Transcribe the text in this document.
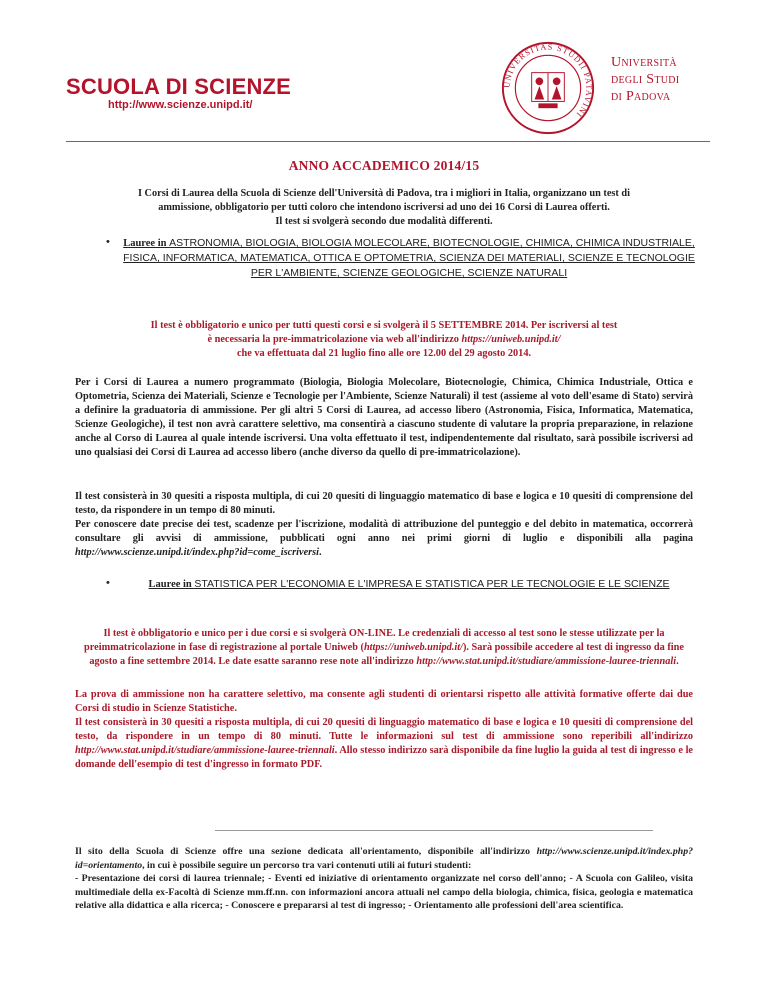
SCUOLA DI SCIENZE
http://www.scienze.unipd.it/
UNIVERSITAS STUDII PATAVINI
Università
degli Studi
di Padova
ANNO ACCADEMICO 2014/15

I Corsi di Laurea della Scuola di Scienze dell'Università di Padova, tra i migliori in Italia, organizzano un test di

ammissione, obbligatorio per tutti coloro che intendono iscriversi ad uno dei 16 Corsi di Laurea offerti.

Il test si svolgerà secondo due modalità differenti.

• Lauree in ASTRONOMIA, BIOLOGIA, BIOLOGIA MOLECOLARE, BIOTECNOLOGIE, CHIMICA, CHIMICA INDUSTRIALE, FISICA, INFORMATICA, MATEMATICA, OTTICA E OPTOMETRIA, SCIENZA DEI MATERIALI, SCIENZE E TECNOLOGIE PER L'AMBIENTE, SCIENZE GEOLOGICHE, SCIENZE NATURALI

Il test è obbligatorio e unico per tutti questi corsi e si svolgerà il 5 SETTEMBRE 2014. Per iscriversi al test

è necessaria la pre-immatricolazione via web all'indirizzo https://uniweb.unipd.it/

che va effettuata dal 21 luglio fino alle ore 12.00 del 29 agosto 2014.

Per i Corsi di Laurea a numero programmato (Biologia, Biologia Molecolare, Biotecnologie, Chimica, Chimica Industriale, Ottica e Optometria, Scienza dei Materiali, Scienze e Tecnologie per l'Ambiente, Scienze Naturali) il test (assieme al voto dell'esame di Stato) servirà a definire la graduatoria di ammissione. Per gli altri 5 Corsi di Laurea, ad accesso libero (Astronomia, Fisica, Informatica, Matematica, Scienze Geologiche), il test non avrà carattere selettivo, ma consentirà a ciascuno studente di valutare la propria preparazione, in relazione anche al Corso di Laurea al quale intende iscriversi. Una volta effettuato il test, indipendentemente dal risultato, sarà possibile iscriversi ad uno qualsiasi dei Corsi di Laurea ad accesso libero (anche diverso da quello di pre-immatricolazione).

Il test consisterà in 30 quesiti a risposta multipla, di cui 20 quesiti di linguaggio matematico di base e logica e 10 quesiti di comprensione del testo, da rispondere in un tempo di 80 minuti.

Per conoscere date precise dei test, scadenze per l'iscrizione, modalità di attribuzione del punteggio e del debito in matematica, occorrerà consultare gli avvisi di ammissione, pubblicati ogni anno nei primi giorni di luglio e disponibili alla pagina http://www.scienze.unipd.it/index.php?id=come_iscriversi.

•	Lauree in STATISTICA PER L'ECONOMIA E L'IMPRESA E STATISTICA PER LE TECNOLOGIE E LE SCIENZE

Il test è obbligatorio e unico per i due corsi e si svolgerà ON-LINE. Le credenziali di accesso al test sono le stesse utilizzate per la preimmatricolazione in fase di registrazione al portale Uniweb (https://uniweb.unipd.it/). Sarà possibile accedere al test di ingresso da fine agosto a fine settembre 2014. Le date esatte saranno rese note all'indirizzo http://www.stat.unipd.it/studiare/ammissione-lauree-triennali.

La prova di ammissione non ha carattere selettivo, ma consente agli studenti di orientarsi rispetto alle attività formative offerte dai due Corsi di studio in Scienze Statistiche.

Il test consisterà in 30 quesiti a risposta multipla, di cui 20 quesiti di linguaggio matematico di base e logica e 10 quesiti di comprensione del testo, da rispondere in un tempo di 80 minuti. Tutte le informazioni sul test di ammissione sono reperibili all'indirizzo http://www.stat.unipd.it/studiare/ammissione-lauree-triennali. Allo stesso indirizzo sarà disponibile da fine luglio la guida al test di ingresso e le domande dell'esempio di test d'ingresso in formato PDF.

Il sito della Scuola di Scienze offre una sezione dedicata all'orientamento, disponibile all'indirizzo http://www.scienze.unipd.it/index.php?id=orientamento, in cui è possibile seguire un percorso tra vari contenuti utili ai futuri studenti:

- Presentazione dei corsi di laurea triennale; - Eventi ed iniziative di orientamento organizzate nel corso dell'anno; - A Scuola con Galileo, visita multimediale della ex-Facoltà di Scienze mm.ff.nn. con informazioni ancora attuali nel campo della biologia, chimica, fisica, geologia e matematica relative alla didattica e alla ricerca; - Conoscere e prepararsi al test di ingresso; - Orientamento alle professioni dell'area scientifica.
